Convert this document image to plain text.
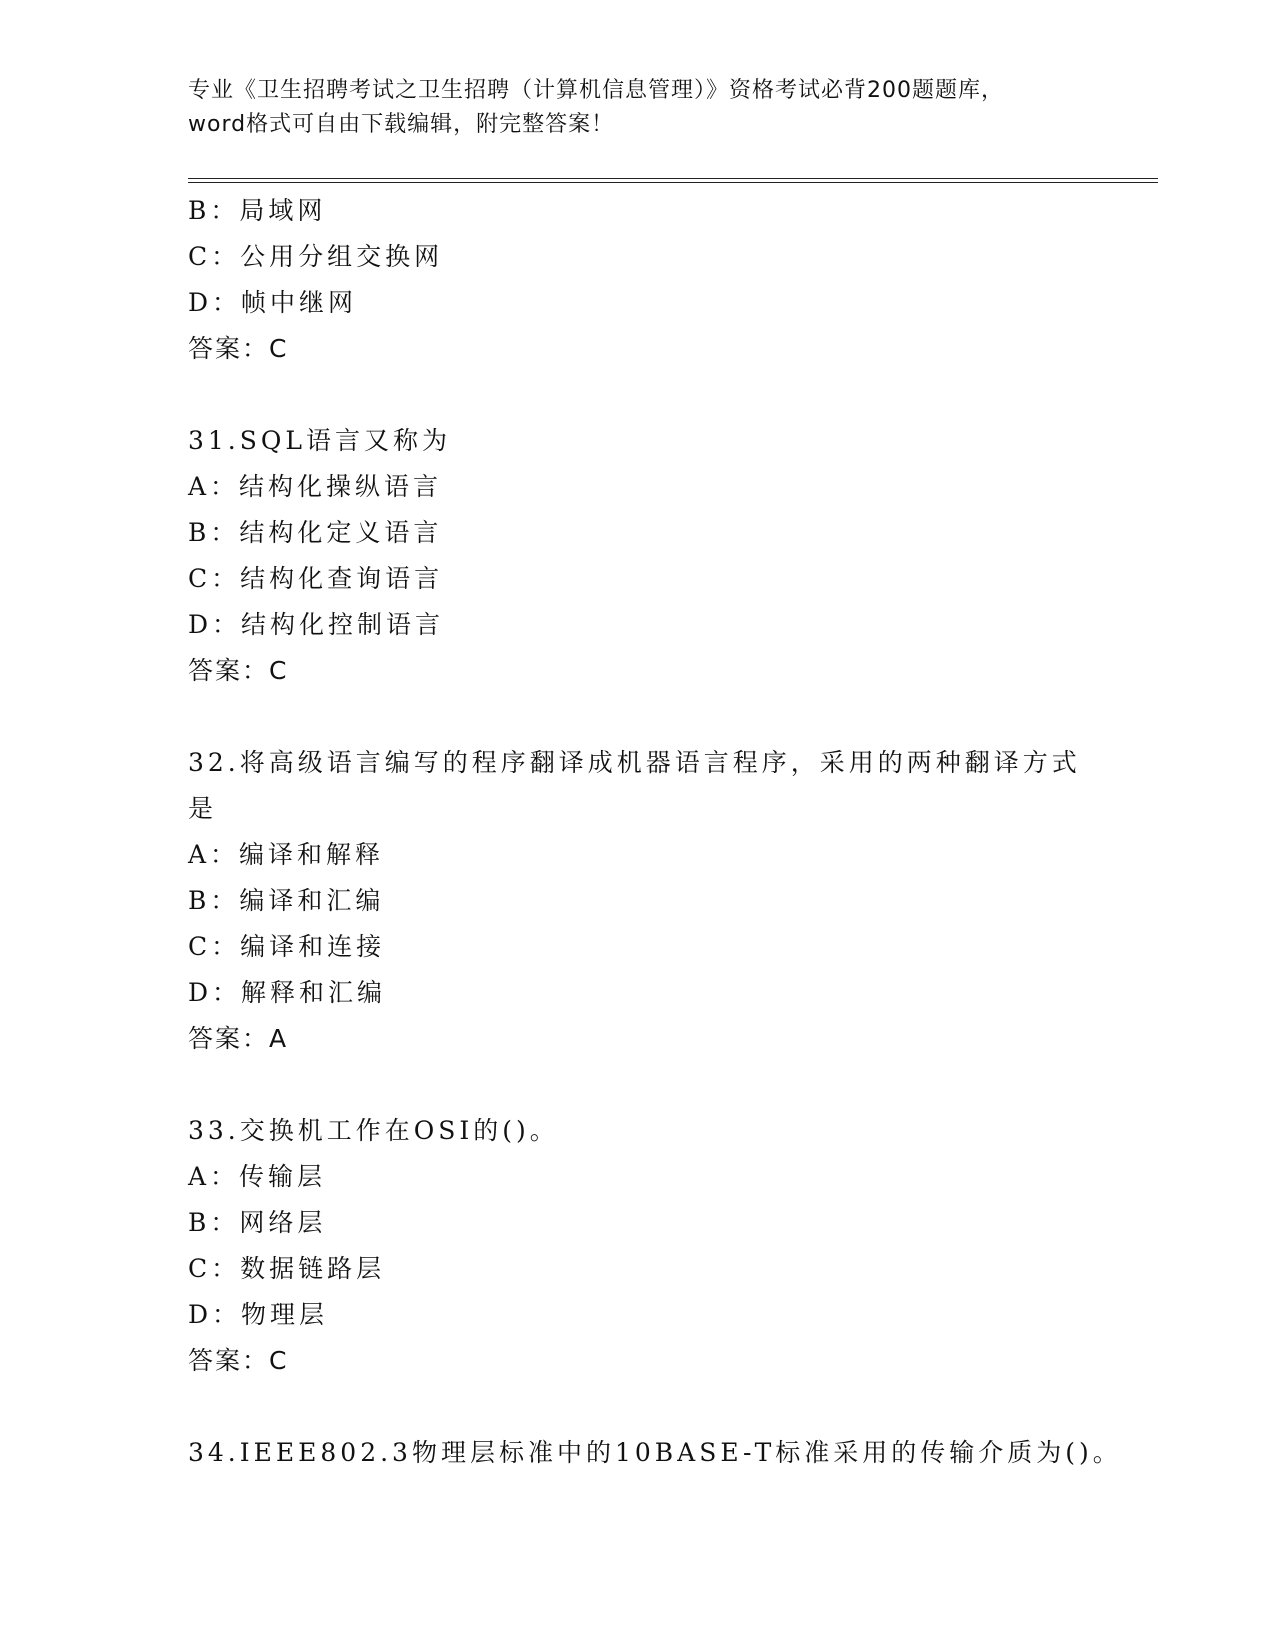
专业《卫生招聘考试之卫生招聘（计算机信息管理）》资格考试必背200题题库，
word格式可自由下载编辑，附完整答案！
B：局域网
C：公用分组交换网
D：帧中继网
答案：C
31.SQL语言又称为
A：结构化操纵语言
B：结构化定义语言
C：结构化查询语言
D：结构化控制语言
答案：C
32.将高级语言编写的程序翻译成机器语言程序，采用的两种翻译方式
是
A：编译和解释
B：编译和汇编
C：编译和连接
D：解释和汇编
答案：A
33.交换机工作在OSI的()。
A：传输层
B：网络层
C：数据链路层
D：物理层
答案：C
34.IEEE802.3物理层标准中的10BASE-T标准采用的传输介质为()。
